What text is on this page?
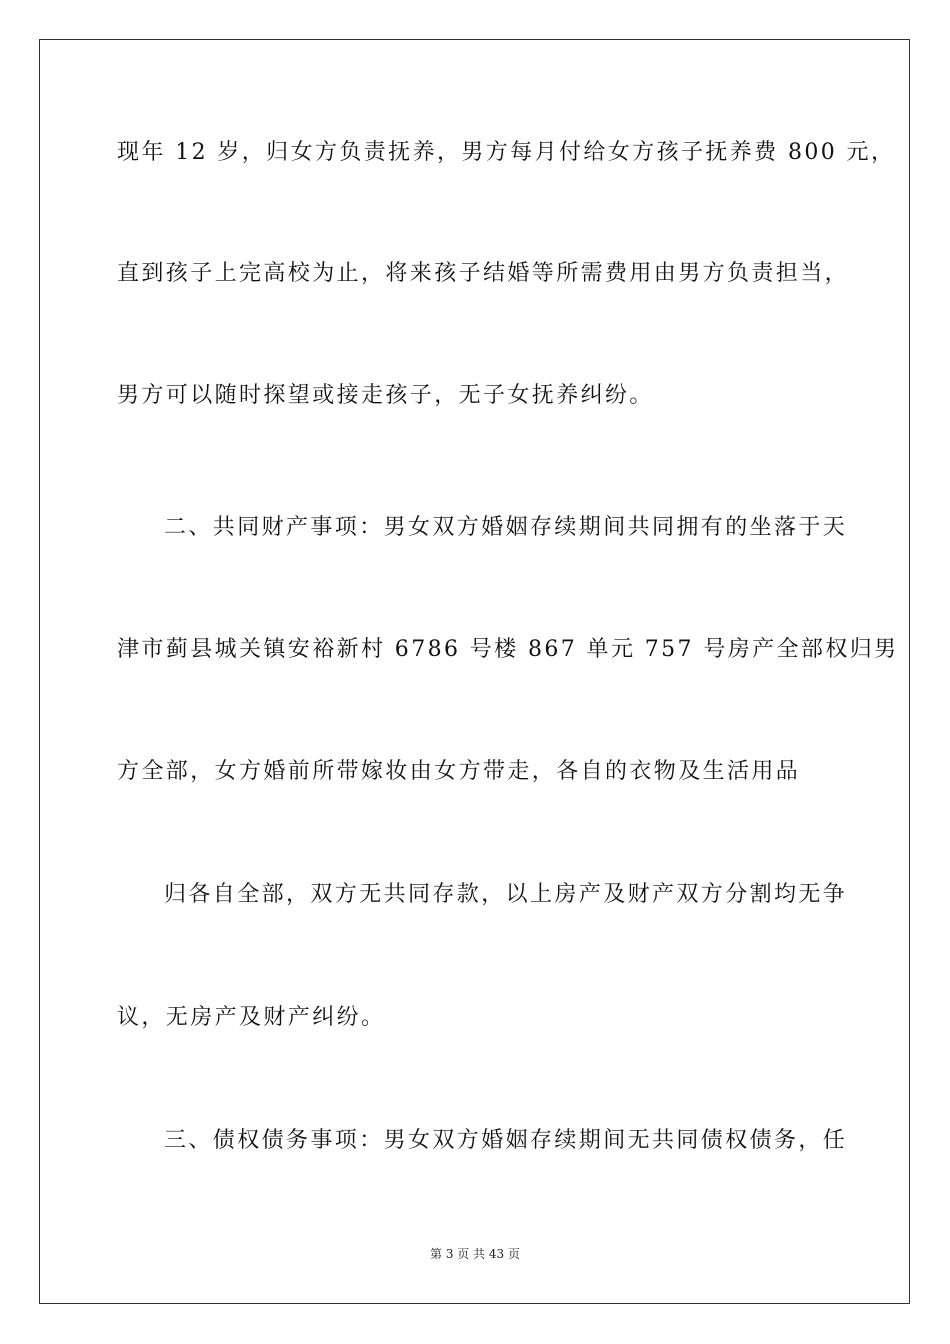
现年 12 岁，归女方负责抚养，男方每月付给女方孩子抚养费 800 元，
直到孩子上完高校为止，将来孩子结婚等所需费用由男方负责担当，
男方可以随时探望或接走孩子，无子女抚养纠纷。
二、共同财产事项：男女双方婚姻存续期间共同拥有的坐落于天
津市蓟县城关镇安裕新村 6786 号楼 867 单元 757 号房产全部权归男
方全部，女方婚前所带嫁妆由女方带走，各自的衣物及生活用品
归各自全部，双方无共同存款，以上房产及财产双方分割均无争
议，无房产及财产纠纷。
三、债权债务事项：男女双方婚姻存续期间无共同债权债务，任
第 3 页 共 43 页
